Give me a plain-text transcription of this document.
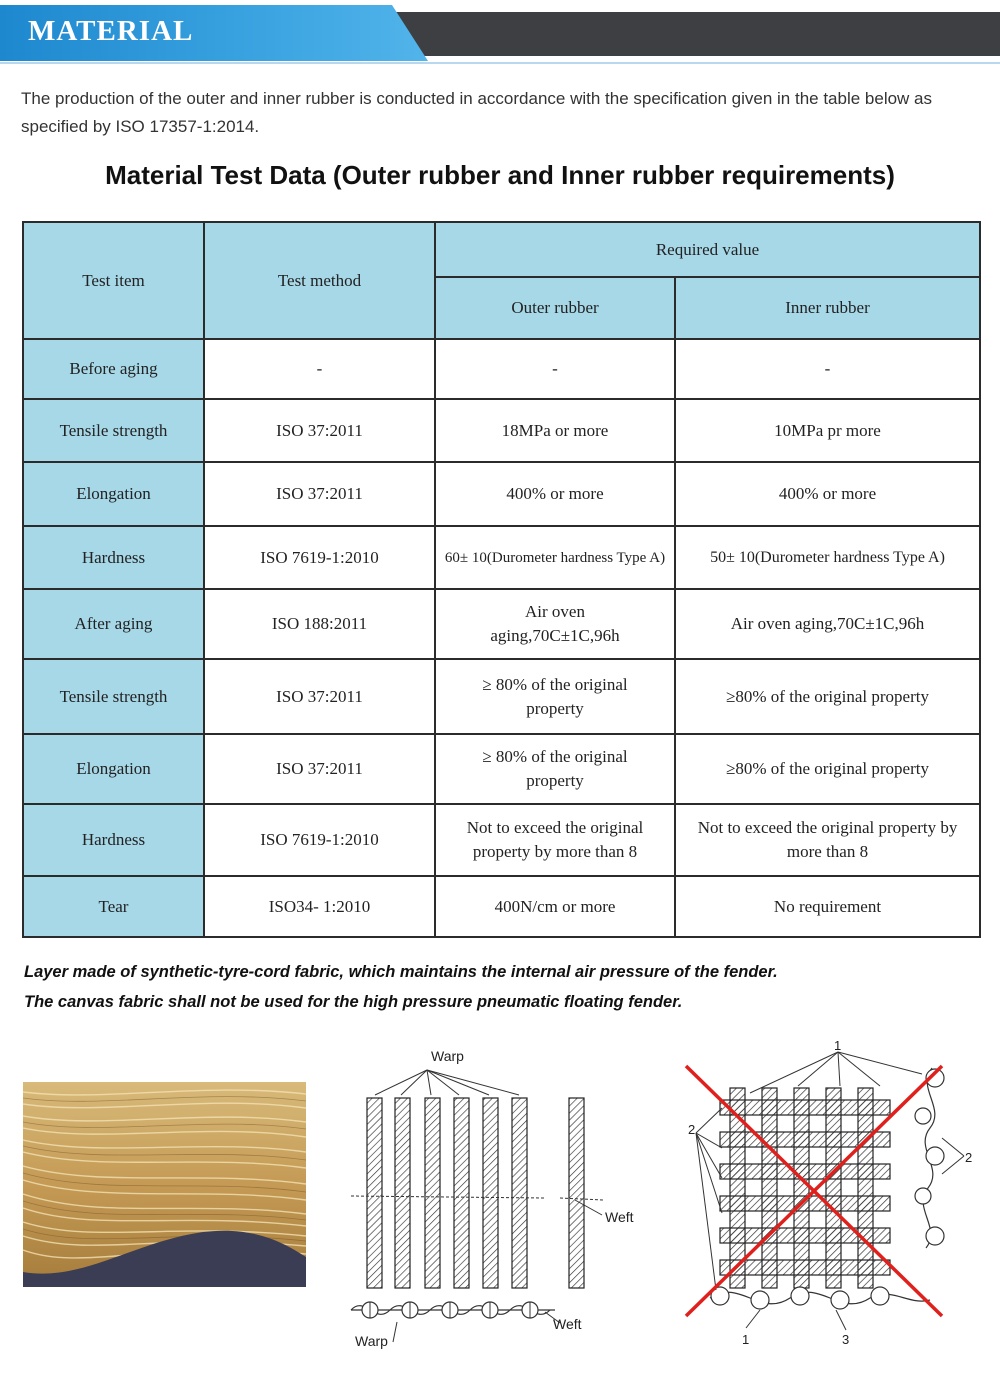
MATERIAL

The production of the outer and inner rubber is conducted in accordance with the specification given in the table below as specified by ISO 17357-1:2014.

Material Test Data (Outer rubber and Inner rubber requirements)
Test item	Test method	Required value	
		Outer rubber	Inner rubber
Before aging	-	-	-
Tensile strength	ISO 37:2011	18MPa or more	10MPa pr more
Elongation	ISO 37:2011	400% or more	400% or more
Hardness	ISO 7619-1:2010	60± 10(Durometer hardness Type A)	50± 10(Durometer hardness Type A)
After aging	ISO 188:2011	Air oven aging,70C±1C,96h	Air oven aging,70C±1C,96h
Tensile strength	ISO 37:2011	≥ 80% of the original property	≥80% of the original property
Elongation	ISO 37:2011	≥ 80% of the original property	≥80% of the original property
Hardness	ISO 7619-1:2010	Not to exceed the original property by more than 8	Not to exceed the original property by more than 8
Tear	ISO34- 1:2010	400N/cm or more	No requirement
Layer made of synthetic-tyre-cord fabric, which maintains the internal air pressure of the fender.
The canvas fabric shall not be used for the high pressure pneumatic floating fender.
Warp
Weft
Weft
Warp
1
2
2
1	3
